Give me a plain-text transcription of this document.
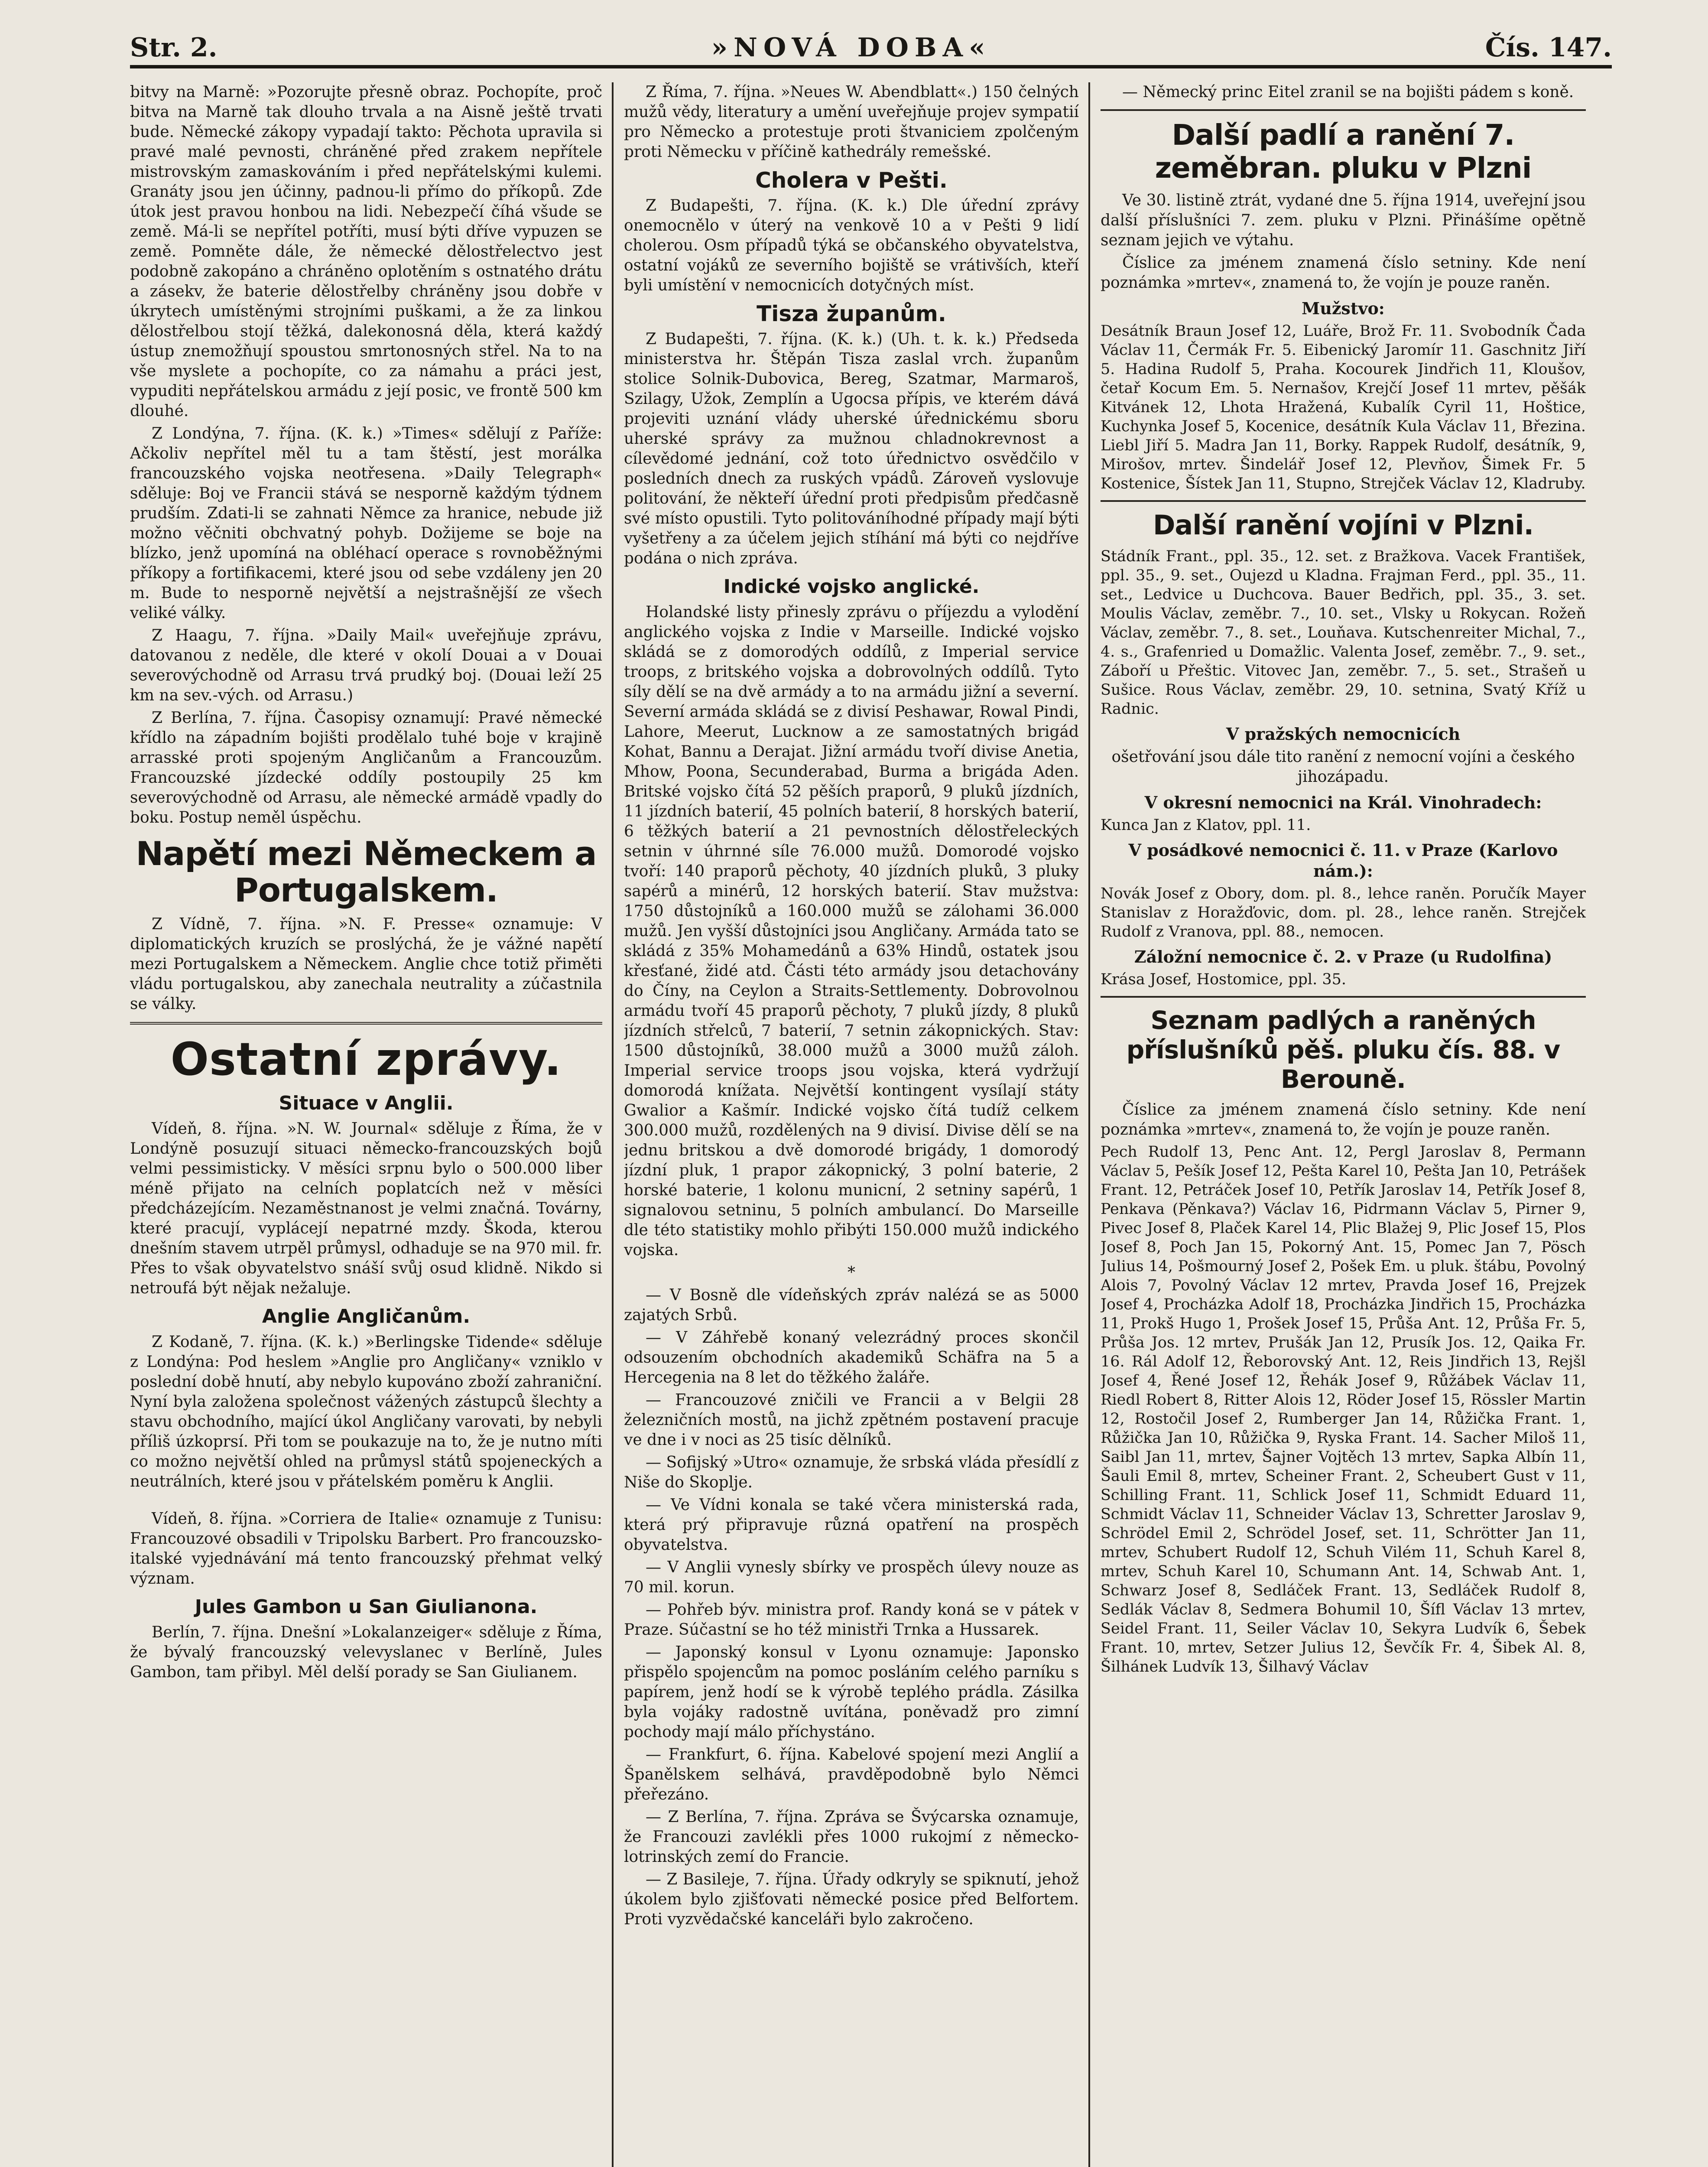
Str. 2.	»NOVÁ DOBA«	Čís. 147.

bitvy na Marně: »Pozorujte přesně obraz. Pochopíte, proč bitva na Marně tak dlouho trvala a na Aisně ještě trvati bude. Německé zákopy vypadají takto: Pěchota upravila si pravé malé pevnosti, chráněné před zrakem nepřítele mistrovským zamaskováním i před nepřátelskými kulemi. Granáty jsou jen účinny, padnou-li přímo do příkopů. Zde útok jest pravou honbou na lidi. Nebezpečí číhá všude se země. Má-li se nepřítel potříti, musí býti dříve vypuzen se země. Pomněte dále, že německé dělostřelectvo jest podobně zakopáno a chráněno oplotěním s ostnatého drátu a zásekv, že baterie dělostřelby chráněny jsou dobře v úkrytech umístěnými strojními puškami, a že za linkou dělostřelbou stojí těžká, dalekonosná děla, která každý ústup znemožňují spoustou smrtonosných střel. Na to na vše myslete a pochopíte, co za námahu a práci jest, vypuditi nepřátelskou armádu z její posic, ve frontě 500 km dlouhé.

Z Londýna, 7. října. (K. k.) »Times« sdělují z Paříže: Ačkoliv nepřítel měl tu a tam štěstí, jest morálka francouzského vojska neotřesena. »Daily Telegraph« sděluje: Boj ve Francii stává se nesporně každým týdnem prudším. Zdati-li se zahnati Němce za hranice, nebude již možno věčniti obchvatný pohyb. Dožijeme se boje na blízko, jenž upomíná na obléhací operace s rovnoběžnými příkopy a fortifikacemi, které jsou od sebe vzdáleny jen 20 m. Bude to nesporně největší a nejstrašnější ze všech veliké války.

Z Haagu, 7. října. »Daily Mail« uveřejňuje zprávu, datovanou z neděle, dle které v okolí Douai a v Douai severovýchodně od Arrasu trvá prudký boj. (Douai leží 25 km na sev.-vých. od Arrasu.)

Z Berlína, 7. října. Časopisy oznamují: Pravé německé křídlo na západním bojišti prodělalo tuhé boje v krajině arrasské proti spojeným Angličanům a Francouzům. Francouzské jízdecké oddíly postoupily 25 km severovýchodně od Arrasu, ale německé armádě vpadly do boku. Postup neměl úspěchu.

Napětí mezi Německem a Portugalskem.

Z Vídně, 7. října. »N. F. Presse« oznamuje: V diplomatických kruzích se proslýchá, že je vážné napětí mezi Portugalskem a Německem. Anglie chce totiž přiměti vládu portugalskou, aby zanechala neutrality a zúčastnila se války.

Ostatní zprávy.
Situace v Anglii.

Vídeň, 8. října. »N. W. Journal« sděluje z Říma, že v Londýně posuzují situaci německo-francouzských bojů velmi pessimisticky. V měsíci srpnu bylo o 500.000 liber méně přijato na celních poplatcích než v měsíci předcházejícím. Nezaměstnanost je velmi značná. Továrny, které pracují, vyplácejí nepatrné mzdy. Škoda, kterou dnešním stavem utrpěl průmysl, odhaduje se na 970 mil. fr. Přes to však obyvatelstvo snáší svůj osud klidně. Nikdo si netroufá být nějak nežaluje.

Anglie Angličanům.

Z Kodaně, 7. října. (K. k.) »Berlingske Tidende« sděluje z Londýna: Pod heslem »Anglie pro Angličany« vzniklo v poslední době hnutí, aby nebylo kupováno zboží zahraniční. Nyní byla založena společnost vážených zástupců šlechty a stavu obchodního, mající úkol Angličany varovati, by nebyli příliš úzkoprsí. Při tom se poukazuje na to, že je nutno míti co možno největší ohled na průmysl států spojeneckých a neutrálních, které jsou v přátelském poměru k Anglii.

Vídeň, 8. října. »Corriera de Italie« oznamuje z Tunisu: Francouzové obsadili v Tripolsku Barbert. Pro francouzsko-italské vyjednávání má tento francouzský přehmat velký význam.

Jules Gambon u San Giulianona.

Berlín, 7. října. Dnešní »Lokalanzeiger« sděluje z Říma, že bývalý francouzský velevyslanec v Berlíně, Jules Gambon, tam přibyl. Měl delší porady se San Giulianem.

Z Říma, 7. října. »Neues W. Abendblatt«.) 150 čelných mužů vědy, literatury a umění uveřejňuje projev sympatií pro Německo a protestuje proti štvaniciem zpolčeným proti Německu v příčině kathedrály remešské.

Cholera v Pešti.

Z Budapešti, 7. října. (K. k.) Dle úřední zprávy onemocnělo v úterý na venkově 10 a v Pešti 9 lidí cholerou. Osm případů týká se občanského obyvatelstva, ostatní vojáků ze severního bojiště se vrátivších, kteří byli umístění v nemocnicích dotyčných míst.

Tisza županům.

Z Budapešti, 7. října. (K. k.) (Uh. t. k. k.) Předseda ministerstva hr. Štěpán Tisza zaslal vrch. županům stolice Solnik-Dubovica, Bereg, Szatmar, Marmaroš, Szilagy, Užok, Zemplín a Ugocsa přípis, ve kterém dává projeviti uznání vlády uherské úřednickému sboru uherské správy za mužnou chladnokrevnost a cílevědomé jednání, což toto úřednictvo osvědčilo v posledních dnech za ruských vpádů. Zároveň vyslovuje politování, že někteří úřední proti předpisům předčasně své místo opustili. Tyto politováníhodné případy mají býti vyšetřeny a za účelem jejich stíhání má býti co nejdříve podána o nich zpráva.

Indické vojsko anglické.

Holandské listy přinesly zprávu o příjezdu a vylodění anglického vojska z Indie v Marseille. Indické vojsko skládá se z domorodých oddílů, z Imperial service troops, z britského vojska a dobrovolných oddílů. Tyto síly dělí se na dvě armády a to na armádu jižní a severní. Severní armáda skládá se z divisí Peshawar, Rowal Pindi, Lahore, Meerut, Lucknow a ze samostatných brigád Kohat, Bannu a Derajat. Jižní armádu tvoří divise Anetia, Mhow, Poona, Secunderabad, Burma a brigáda Aden. Britské vojsko čítá 52 pěších praporů, 9 pluků jízdních, 11 jízdních baterií, 45 polních baterií, 8 horských baterií, 6 těžkých baterií a 21 pevnostních dělostřeleckých setnin v úhrnné síle 76.000 mužů. Domorodé vojsko tvoří: 140 praporů pěchoty, 40 jízdních pluků, 3 pluky sapérů a minérů, 12 horských baterií. Stav mužstva: 1750 důstojníků a 160.000 mužů se zálohami 36.000 mužů. Jen vyšší důstojníci jsou Angličany. Armáda tato se skládá z 35% Mohamedánů a 63% Hindů, ostatek jsou křesťané, židé atd. Části této armády jsou detachovány do Číny, na Ceylon a Straits-Settlementy. Dobrovolnou armádu tvoří 45 praporů pěchoty, 7 pluků jízdy, 8 pluků jízdních střelců, 7 baterií, 7 setnin zákopnických. Stav: 1500 důstojníků, 38.000 mužů a 3000 mužů záloh. Imperial service troops jsou vojska, která vydržují domorodá knížata. Největší kontingent vysílají státy Gwalior a Kašmír. Indické vojsko čítá tudíž celkem 300.000 mužů, rozdělených na 9 divisí. Divise dělí se na jednu britskou a dvě domorodé brigády, 1 domorodý jízdní pluk, 1 prapor zákopnický, 3 polní baterie, 2 horské baterie, 1 kolonu municní, 2 setniny sapérů, 1 signalovou setninu, 5 polních ambulancí. Do Marseille dle této statistiky mohlo přibýti 150.000 mužů indického vojska.

*

— V Bosně dle vídeňských zpráv nalézá se as 5000 zajatých Srbů.

— V Záhřebě konaný velezrádný proces skončil odsouzením obchodních akademiků Schäfra na 5 a Hercegenia na 8 let do těžkého žaláře.

— Francouzové zničili ve Francii a v Belgii 28 železničních mostů, na jichž zpětném postavení pracuje ve dne i v noci as 25 tisíc dělníků.

— Sofijský »Utro« oznamuje, že srbská vláda přesídlí z Niše do Skoplje.

— Ve Vídni konala se také včera ministerská rada, která prý připravuje různá opatření na prospěch obyvatelstva.

— V Anglii vynesly sbírky ve prospěch úlevy nouze as 70 mil. korun.

— Pohřeb býv. ministra prof. Randy koná se v pátek v Praze. Súčastní se ho též ministři Trnka a Hussarek.

— Japonský konsul v Lyonu oznamuje: Japonsko přispělo spojencům na pomoc posláním celého parníku s papírem, jenž hodí se k výrobě teplého prádla. Zásilka byla vojáky radostně uvítána, poněvadž pro zimní pochody mají málo příchystáno.

— Frankfurt, 6. října. Kabelové spojení mezi Anglií a Španělskem selhává, pravděpodobně bylo Němci přeřezáno.

— Z Berlína, 7. října. Zpráva se Švýcarska oznamuje, že Francouzi zavlékli přes 1000 rukojmí z německo-lotrinských zemí do Francie.

— Z Basileje, 7. října. Úřady odkryly se spiknutí, jehož úkolem bylo zjišťovati německé posice před Belfortem. Proti vyzvědačské kanceláři bylo zakročeno.

— Německý princ Eitel zranil se na bojišti pádem s koně.

Další padlí a ranění 7. zeměbran. pluku v Plzni

Ve 30. listině ztrát, vydané dne 5. října 1914, uveřejní jsou další příslušníci 7. zem. pluku v Plzni. Přinášíme opětně seznam jejich ve výtahu.

Číslice za jménem znamená číslo setniny. Kde není poznámka »mrtev«, znamená to, že vojín je pouze raněn.

Mužstvo:

Desátník Braun Josef 12, Luáře, Brož Fr. 11. Svobodník Čada Václav 11, Čermák Fr. 5. Eibenický Jaromír 11. Gaschnitz Jiří 5. Hadina Rudolf 5, Praha. Kocourek Jindřich 11, Kloušov, četař Kocum Em. 5. Nernašov, Krejčí Josef 11 mrtev, pěšák Kitvánek 12, Lhota Hražená, Kubalík Cyril 11, Hoštice, Kuchynka Josef 5, Kocenice, desátník Kula Václav 11, Březina. Liebl Jiří 5. Madra Jan 11, Borky. Rappek Rudolf, desátník, 9, Mirošov, mrtev. Šindelář Josef 12, Plevňov, Šimek Fr. 5 Kostenice, Šístek Jan 11, Stupno, Strejček Václav 12, Kladruby.

Další ranění vojíni v Plzni.

Stádník Frant., ppl. 35., 12. set. z Bražkova. Vacek František, ppl. 35., 9. set., Oujezd u Kladna. Frajman Ferd., ppl. 35., 11. set., Ledvice u Duchcova. Bauer Bedřich, ppl. 35., 3. set. Moulis Václav, zeměbr. 7., 10. set., Vlsky u Rokycan. Rožeň Václav, zeměbr. 7., 8. set., Louňava. Kutschenreiter Michal, 7., 4. s., Grafenried u Domažlic. Valenta Josef, zeměbr. 7., 9. set., Záboří u Přeštic. Vitovec Jan, zeměbr. 7., 5. set., Strašeň u Sušice. Rous Václav, zeměbr. 29, 10. setnina, Svatý Kříž u Radnic.

V pražských nemocnicích

ošetřování jsou dále tito ranění z nemocní vojíni a českého jihozápadu.

V okresní nemocnici na Král. Vinohradech:

Kunca Jan z Klatov, ppl. 11.

V posádkové nemocnici č. 11. v Praze (Karlovo nám.):

Novák Josef z Obory, dom. pl. 8., lehce raněn. Poručík Mayer Stanislav z Horažďovic, dom. pl. 28., lehce raněn. Strejček Rudolf z Vranova, ppl. 88., nemocen.

Záložní nemocnice č. 2. v Praze (u Rudolfina)

Krása Josef, Hostomice, ppl. 35.

Seznam padlých a raněných příslušníků pěš. pluku čís. 88. v Berouně.

Číslice za jménem znamená číslo setniny. Kde není poznámka »mrtev«, znamená to, že vojín je pouze raněn.

Pech Rudolf 13, Penc Ant. 12, Pergl Jaroslav 8, Permann Václav 5, Pešík Josef 12, Pešta Karel 10, Pešta Jan 10, Petrášek Frant. 12, Petráček Josef 10, Petřík Jaroslav 14, Petřík Josef 8, Penkava (Pěnkava?) Václav 16, Pidrmann Václav 5, Pirner 9, Pivec Josef 8, Plaček Karel 14, Plic Blažej 9, Plic Josef 15, Plos Josef 8, Poch Jan 15, Pokorný Ant. 15, Pomec Jan 7, Pösch Julius 14, Pošmourný Josef 2, Pošek Em. u pluk. štábu, Povolný Alois 7, Povolný Václav 12 mrtev, Pravda Josef 16, Prejzek Josef 4, Procházka Adolf 18, Procházka Jindřich 15, Procházka 11, Prokš Hugo 1, Prošek Josef 15, Průša Ant. 12, Průša Fr. 5, Průša Jos. 12 mrtev, Prušák Jan 12, Prusík Jos. 12, Qaika Fr. 16. Rál Adolf 12, Řeborovský Ant. 12, Reis Jindřich 13, Rejšl Josef 4, Řené Josef 12, Řehák Josef 9, Růžábek Václav 11, Riedl Robert 8, Ritter Alois 12, Röder Josef 15, Rössler Martin 12, Rostočil Josef 2, Rumberger Jan 14, Růžička Frant. 1, Růžička Jan 10, Růžička 9, Ryska Frant. 14. Sacher Miloš 11, Saibl Jan 11, mrtev, Šajner Vojtěch 13 mrtev, Sapka Albín 11, Šauli Emil 8, mrtev, Scheiner Frant. 2, Scheubert Gust v 11, Schilling Frant. 11, Schlick Josef 11, Schmidt Eduard 11, Schmidt Václav 11, Schneider Václav 13, Schretter Jaroslav 9, Schrödel Emil 2, Schrödel Josef, set. 11, Schrötter Jan 11, mrtev, Schubert Rudolf 12, Schuh Vilém 11, Schuh Karel 8, mrtev, Schuh Karel 10, Schumann Ant. 14, Schwab Ant. 1, Schwarz Josef 8, Sedláček Frant. 13, Sedláček Rudolf 8, Sedlák Václav 8, Sedmera Bohumil 10, Šífl Václav 13 mrtev, Seidel Frant. 11, Seiler Václav 10, Sekyra Ludvík 6, Šebek Frant. 10, mrtev, Setzer Julius 12, Ševčík Fr. 4, Šibek Al. 8, Šilhánek Ludvík 13, Šilhavý Václav
